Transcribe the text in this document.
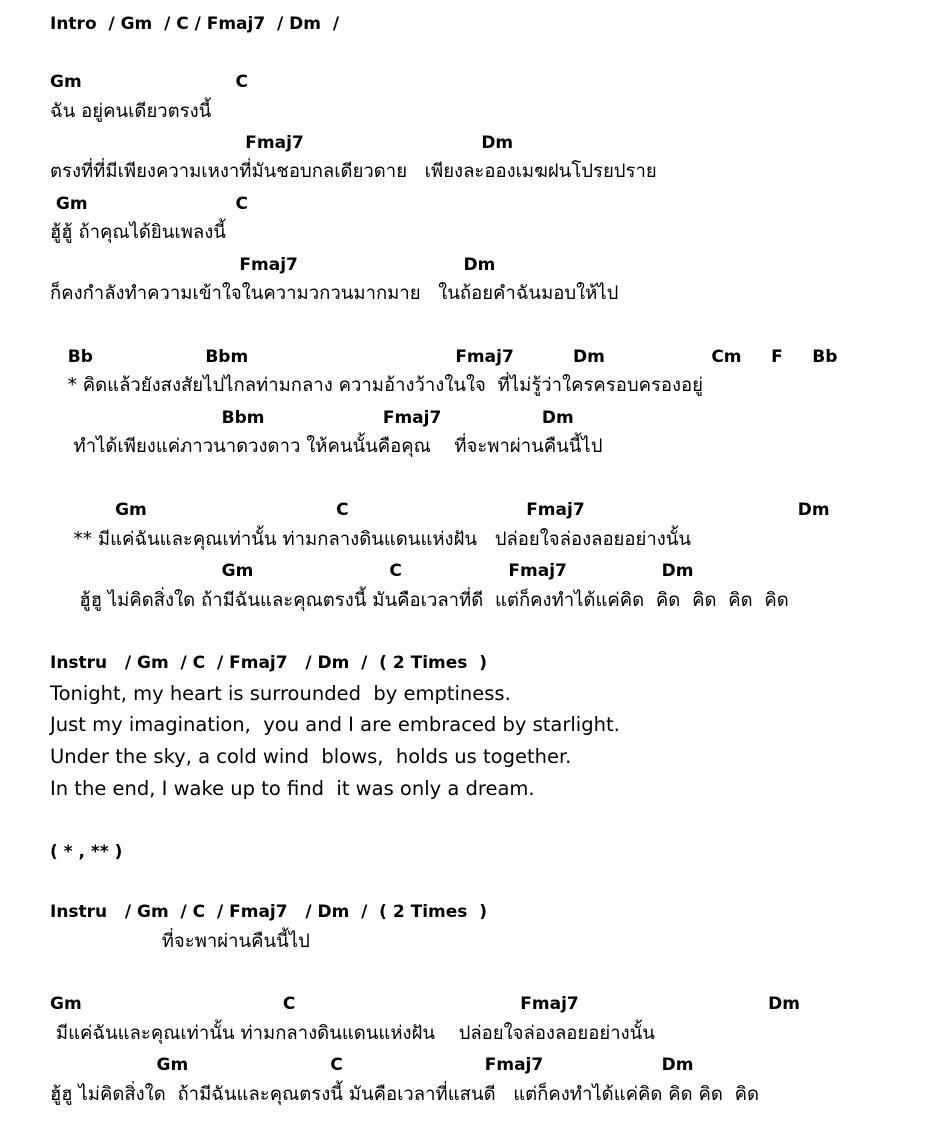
Intro  / Gm  / C / Fmaj7  / Dm  /
Gm                          C
ฉัน อยู่คนเดียวตรงนี้
Fmaj7                              Dm
ตรงที่ที่มีเพียงความเหงาที่มันชอบกลเดียวดาย   เพียงละอองเมฆฝนโปรยปราย
Gm                         C
ฮู้ฮู้ ถ้าคุณได้ยินเพลงนี้
Fmaj7                            Dm
ก็คงกำลังทำความเข้าใจในความวกวนมากมาย   ในถ้อยคำฉันมอบให้ไป
Bb                   Bbm                                   Fmaj7          Dm                  Cm     F     Bb
* คิดแล้วยังสงสัยไปไกลท่ามกลาง ความอ้างว้างในใจ  ที่ไม่รู้ว่าใครครอบครองอยู่
Bbm                    Fmaj7                 Dm
ทำได้เพียงแค่ภาวนาดวงดาว ให้คนนั้นคือคุณ    ที่จะพาผ่านคืนนี้ไป
Gm                                C                              Fmaj7                                    Dm
** มีแค่ฉันและคุณเท่านั้น ท่ามกลางดินแดนแห่งฝัน   ปล่อยใจล่องลอยอย่างนั้น
Gm                       C                  Fmaj7                Dm
ฮู้ฮู ไม่คิดสิ่งใด ถ้ามีฉันและคุณตรงนี้ มันคือเวลาที่ดี  แต่ก็คงทำได้แค่คิด  คิด  คิด  คิด  คิด
Instru   / Gm  / C  / Fmaj7   / Dm  /  ( 2 Times  )
Tonight, my heart is surrounded  by emptiness.
Just my imagination,  you and I are embraced by starlight.
Under the sky, a cold wind  blows,  holds us together.
In the end, I wake up to find  it was only a dream.
( * , ** )
Instru   / Gm  / C  / Fmaj7   / Dm  /  ( 2 Times  )
ที่จะพาผ่านคืนนี้ไป
Gm                                  C                                      Fmaj7                                Dm
มีแค่ฉันและคุณเท่านั้น ท่ามกลางดินแดนแห่งฝัน    ปล่อยใจล่องลอยอย่างนั้น
Gm                        C                        Fmaj7                    Dm
ฮู้ฮู ไม่คิดสิ่งใด  ถ้ามีฉันและคุณตรงนี้ มันคือเวลาที่แสนดี   แต่ก็คงทำได้แค่คิด คิด คิด  คิด
